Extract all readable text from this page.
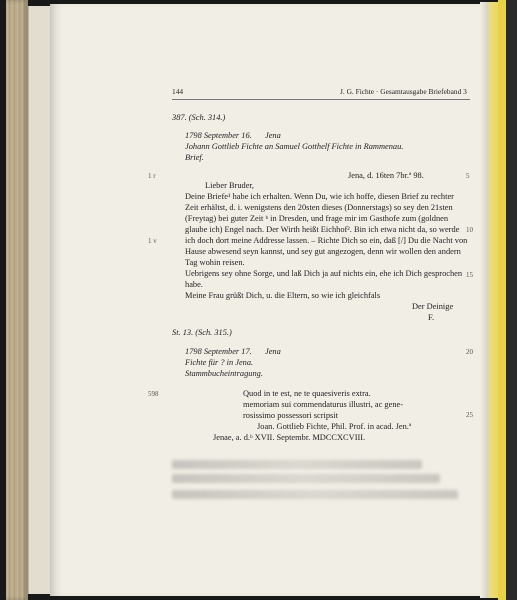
144	J. G. Fichte · Gesamtausgabe Briefeband 3
387. (Sch. 314.)
1798 September 16. Jena
Johann Gottlieb Fichte an Samuel Gotthelf Fichte in Rammenau.
Brief.
1 r	Jena, d. 16ten 7br.ª 98.	5
Lieber Bruder,
Deine Briefe¹ habe ich erhalten. Wenn Du, wie ich hoffe, diesen Brief zu rechter
Zeit erhältst, d. i. wenigstens den 20sten dieses (Donnerstags) so sey den 21sten
(Freytag) bei guter Zeit ᵇ in Dresden, und frage mir im Gasthofe zum (goldnen
glaube ich) Engel nach. Der Wirth heißt Eichhof². Bin ich etwa nicht da, so werde 10
1 v	ich doch dort meine Addresse lassen. – Richte Dich so ein, daß [/] Du die Nacht von
Hause abwesend seyn kannst, und sey gut angezogen, denn wir wollen den andern
Tag wohin reisen.
Uebrigens sey ohne Sorge, und laß Dich ja auf nichts ein, ehe ich Dich gesprochen
habe.
15
Meine Frau grüßt Dich, u. die Eltern, so wie ich gleichfals
Der Deinige
F.
St. 13. (Sch. 315.)
1798 September 17. Jena	20
Fichte für ? in Jena.
Stammbucheintragung.
598	Quod in te est, ne te quaesiveris extra.
memoriam sui commendaturus illustri, ac gene-
rosissimo possessori scripsit	25
Joan. Gottlieb Fichte, Phil. Prof. in acad. Jen.ª
Jenae, a. d.ᵇ XVII. Septembr. MDCCXCVIII.
